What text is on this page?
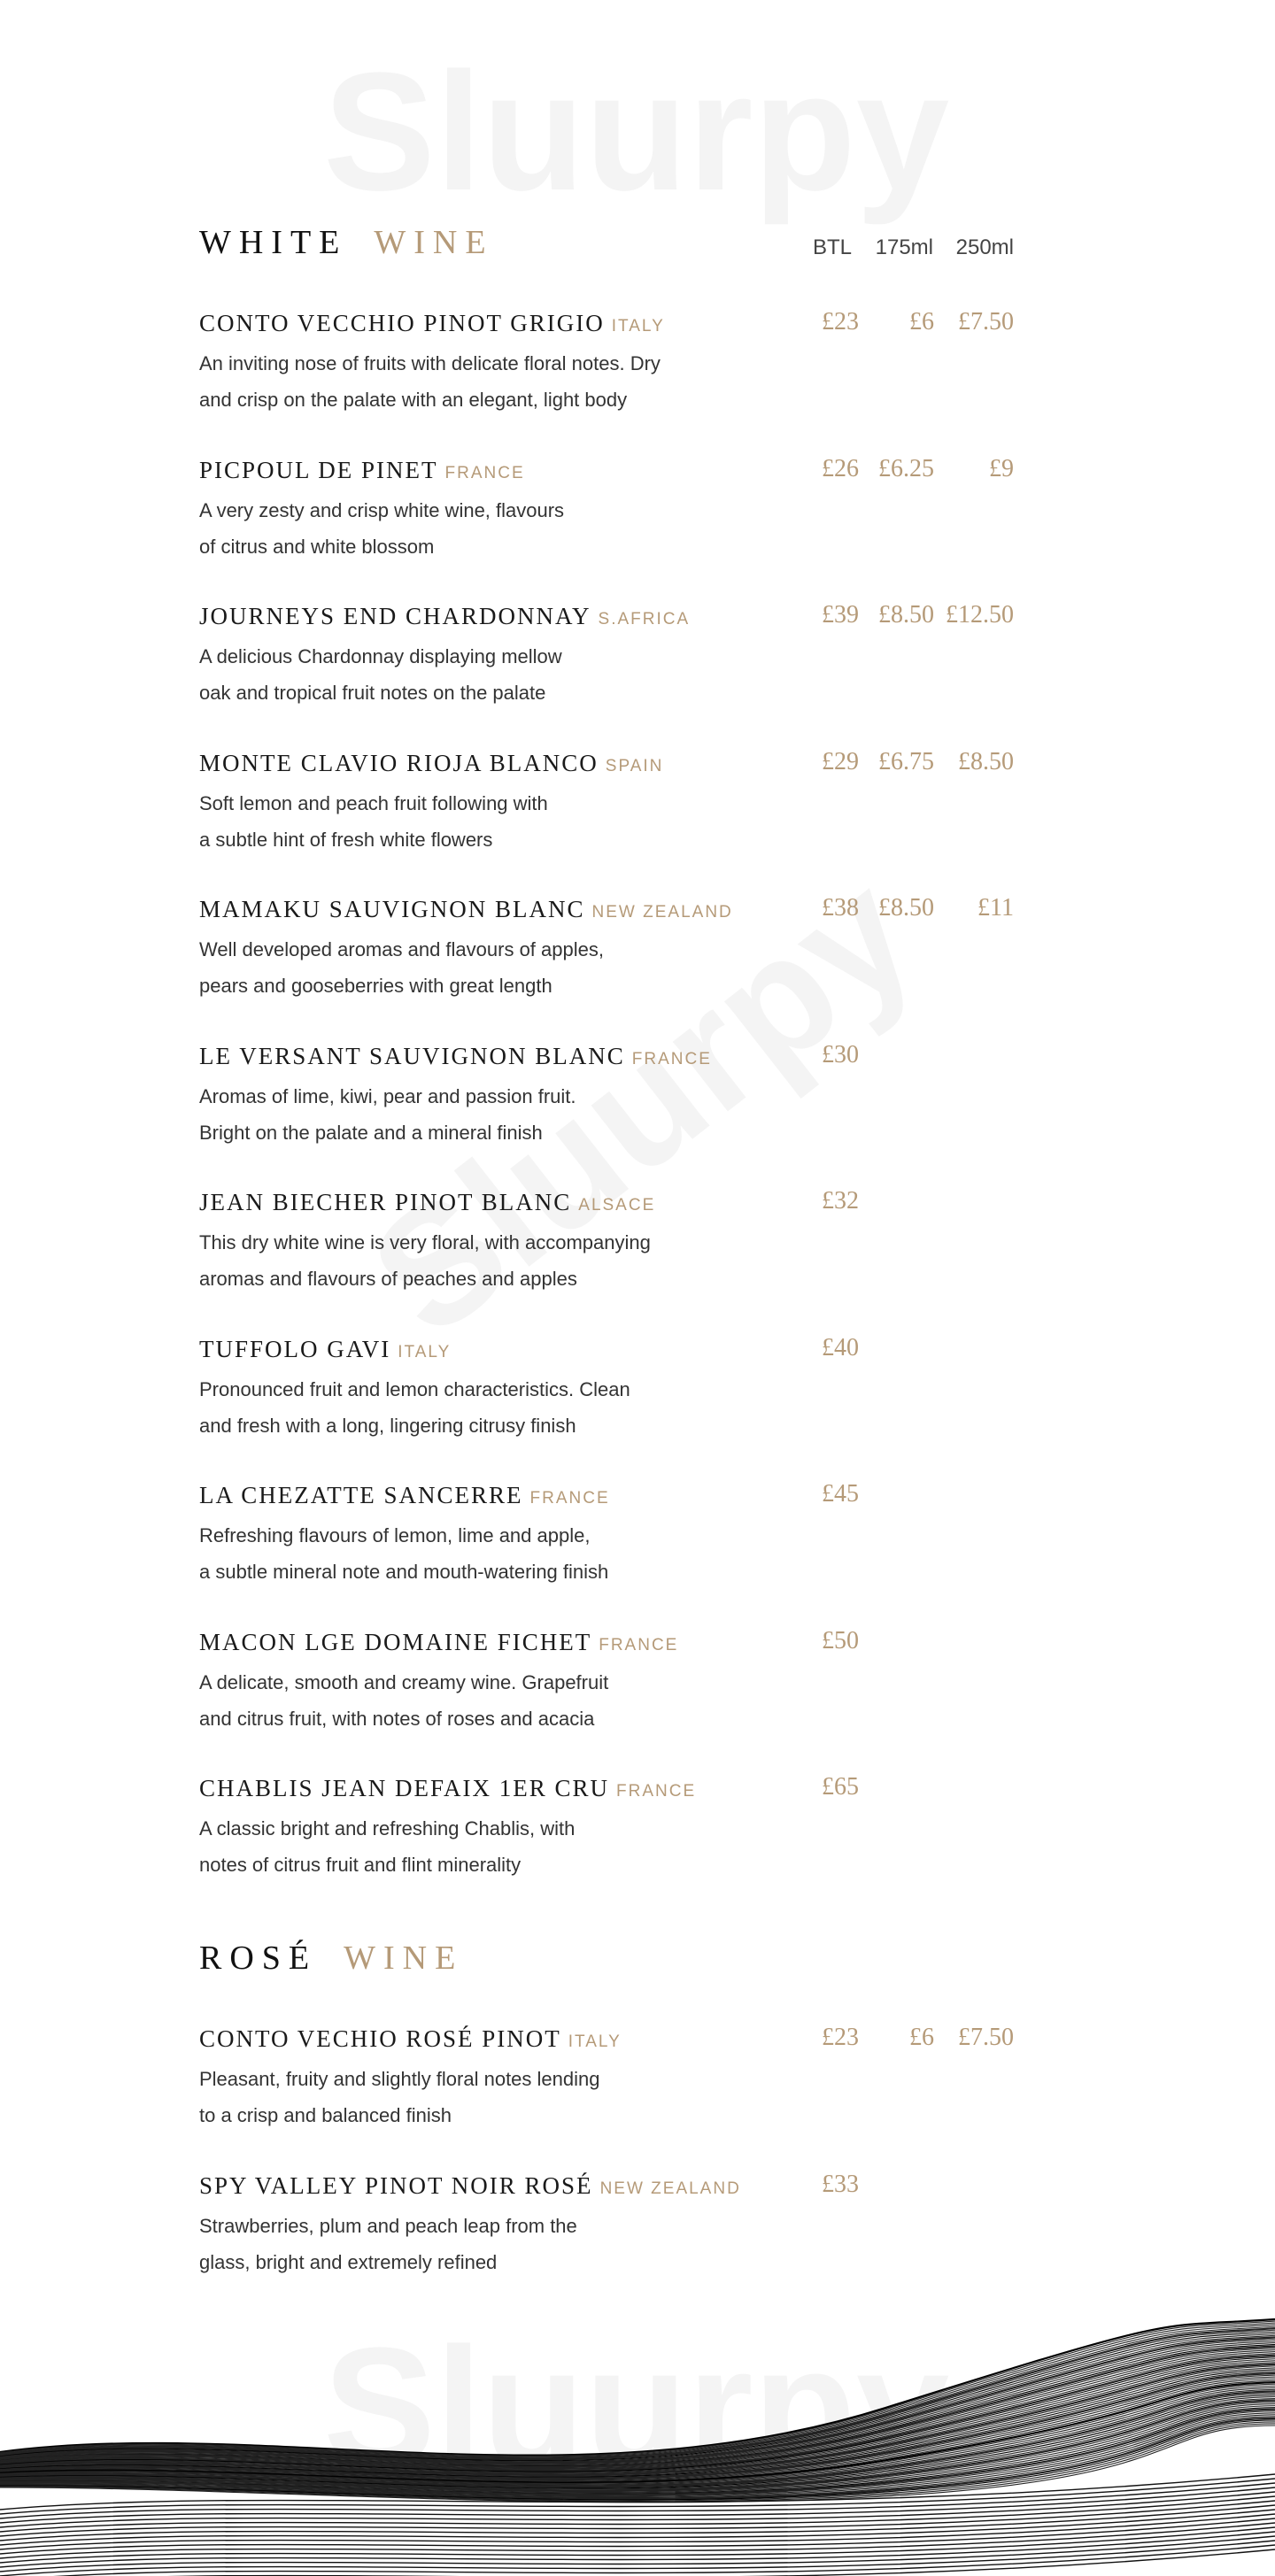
WHITE WINE	BTL 175ml 250ml
CONTO VECCHIO PINOT GRIGIO ITALY
An inviting nose of fruits with delicate floral notes. Dry
and crisp on the palate with an elegant, light body
£23 £6 £7.50
PICPOUL DE PINET FRANCE
A very zesty and crisp white wine, flavours
of citrus and white blossom
£26 £6.25 £9
JOURNEYS END CHARDONNAY S.AFRICA
A delicious Chardonnay displaying mellow
oak and tropical fruit notes on the palate
£39 £8.50 £12.50
MONTE CLAVIO RIOJA BLANCO SPAIN
Soft lemon and peach fruit following with
a subtle hint of fresh white flowers
£29 £6.75 £8.50
MAMAKU SAUVIGNON BLANC NEW ZEALAND
Well developed aromas and flavours of apples,
pears and gooseberries with great length
£38 £8.50 £11
LE VERSANT SAUVIGNON BLANC FRANCE
Aromas of lime, kiwi, pear and passion fruit.
Bright on the palate and a mineral finish
£30
JEAN BIECHER PINOT BLANC ALSACE
This dry white wine is very floral, with accompanying
aromas and flavours of peaches and apples
£32
TUFFOLO GAVI ITALY
Pronounced fruit and lemon characteristics. Clean
and fresh with a long, lingering citrusy finish
£40
LA CHEZATTE SANCERRE FRANCE
Refreshing flavours of lemon, lime and apple,
a subtle mineral note and mouth-watering finish
£45
MACON LGE DOMAINE FICHET FRANCE
A delicate, smooth and creamy wine. Grapefruit
and citrus fruit, with notes of roses and acacia
£50
CHABLIS JEAN DEFAIX 1ER CRU FRANCE
A classic bright and refreshing Chablis, with
notes of citrus fruit and flint minerality
£65
ROSÉ WINE
CONTO VECHIO ROSÉ PINOT ITALY
Pleasant, fruity and slightly floral notes lending
to a crisp and balanced finish
£23 £6 £7.50
SPY VALLEY PINOT NOIR ROSÉ NEW ZEALAND
Strawberries, plum and peach leap from the
glass, bright and extremely refined
£33
